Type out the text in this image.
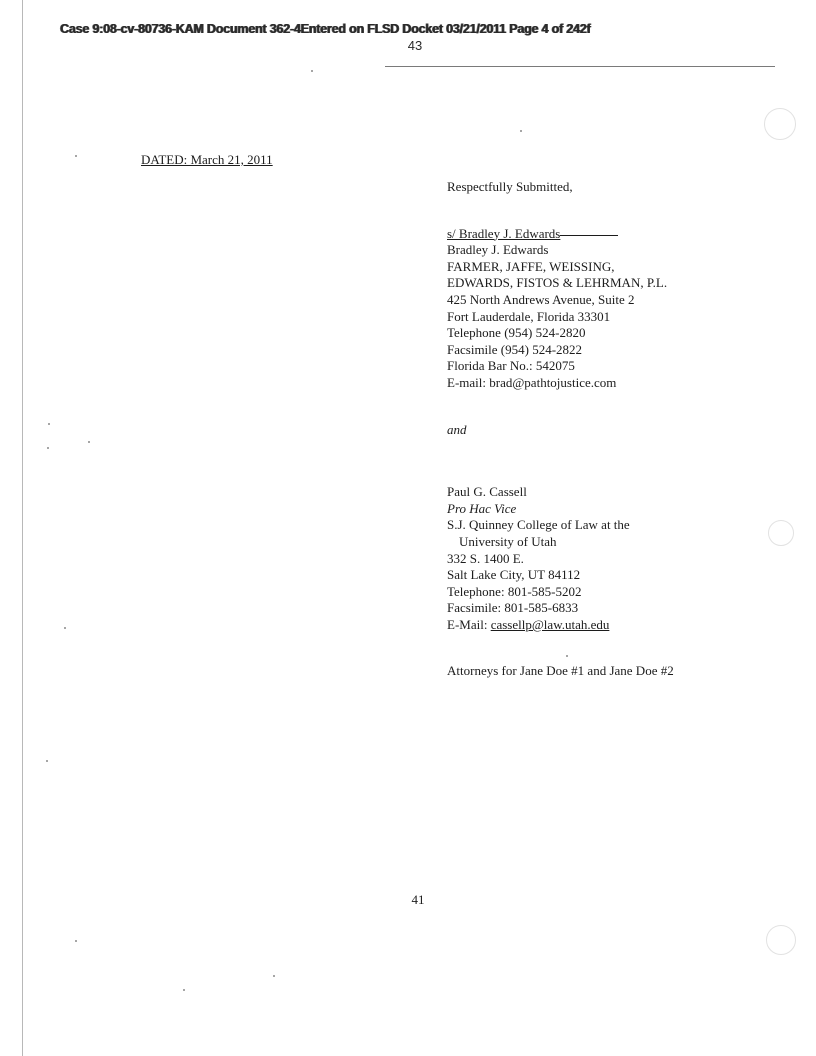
Case 9:08-cv-80736-KAM Document 362-4Entered on FLSD Docket 03/21/2011 Page 4 of 242f
43
DATED: March 21, 2011
Respectfully Submitted,
s/ Bradley J. Edwards
Bradley J. Edwards
FARMER, JAFFE, WEISSING,
EDWARDS, FISTOS & LEHRMAN, P.L.
425 North Andrews Avenue, Suite 2
Fort Lauderdale, Florida 33301
Telephone (954) 524-2820
Facsimile (954) 524-2822
Florida Bar No.: 542075
E-mail: brad@pathtojustice.com
and
Paul G. Cassell
Pro Hac Vice
S.J. Quinney College of Law at the
University of Utah
332 S. 1400 E.
Salt Lake City, UT 84112
Telephone: 801-585-5202
Facsimile: 801-585-6833
E-Mail: cassellp@law.utah.edu
Attorneys for Jane Doe #1 and Jane Doe #2
41
